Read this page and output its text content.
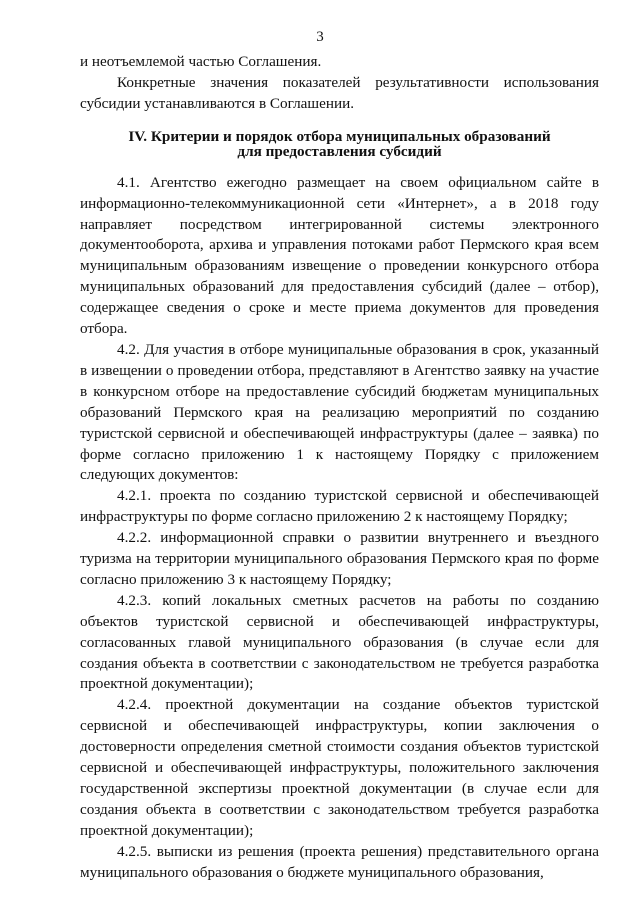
3

и неотъемлемой частью Соглашения.

Конкретные значения показателей результативности использования субсидии устанавливаются в Соглашении.

IV. Критерии и порядок отбора муниципальных образований
для предоставления субсидий

4.1. Агентство ежегодно размещает на своем официальном сайте в информационно-телекоммуникационной сети «Интернет», а в 2018 году направляет посредством интегрированной системы электронного документооборота, архива и управления потоками работ Пермского края всем муниципальным образованиям извещение о проведении конкурсного отбора муниципальных образований для предоставления субсидий (далее – отбор), содержащее сведения о сроке и месте приема документов для проведения отбора.

4.2. Для участия в отборе муниципальные образования в срок, указанный в извещении о проведении отбора, представляют в Агентство заявку на участие в конкурсном отборе на предоставление субсидий бюджетам муниципальных образований Пермского края на реализацию мероприятий по созданию туристской сервисной и обеспечивающей инфраструктуры (далее – заявка) по форме согласно приложению 1 к настоящему Порядку с приложением следующих документов:

4.2.1. проекта по созданию туристской сервисной и обеспечивающей инфраструктуры по форме согласно приложению 2 к настоящему Порядку;

4.2.2. информационной справки о развитии внутреннего и въездного туризма на территории муниципального образования Пермского края по форме согласно приложению 3 к настоящему Порядку;

4.2.3. копий локальных сметных расчетов на работы по созданию объектов туристской сервисной и обеспечивающей инфраструктуры, согласованных главой муниципального образования (в случае если для создания объекта в соответствии с законодательством не требуется разработка проектной документации);

4.2.4. проектной документации на создание объектов туристской сервисной и обеспечивающей инфраструктуры, копии заключения о достоверности определения сметной стоимости создания объектов туристской сервисной и обеспечивающей инфраструктуры, положительного заключения государственной экспертизы проектной документации (в случае если для создания объекта в соответствии с законодательством требуется разработка проектной документации);

4.2.5. выписки из решения (проекта решения) представительного органа муниципального образования о бюджете муниципального образования,
